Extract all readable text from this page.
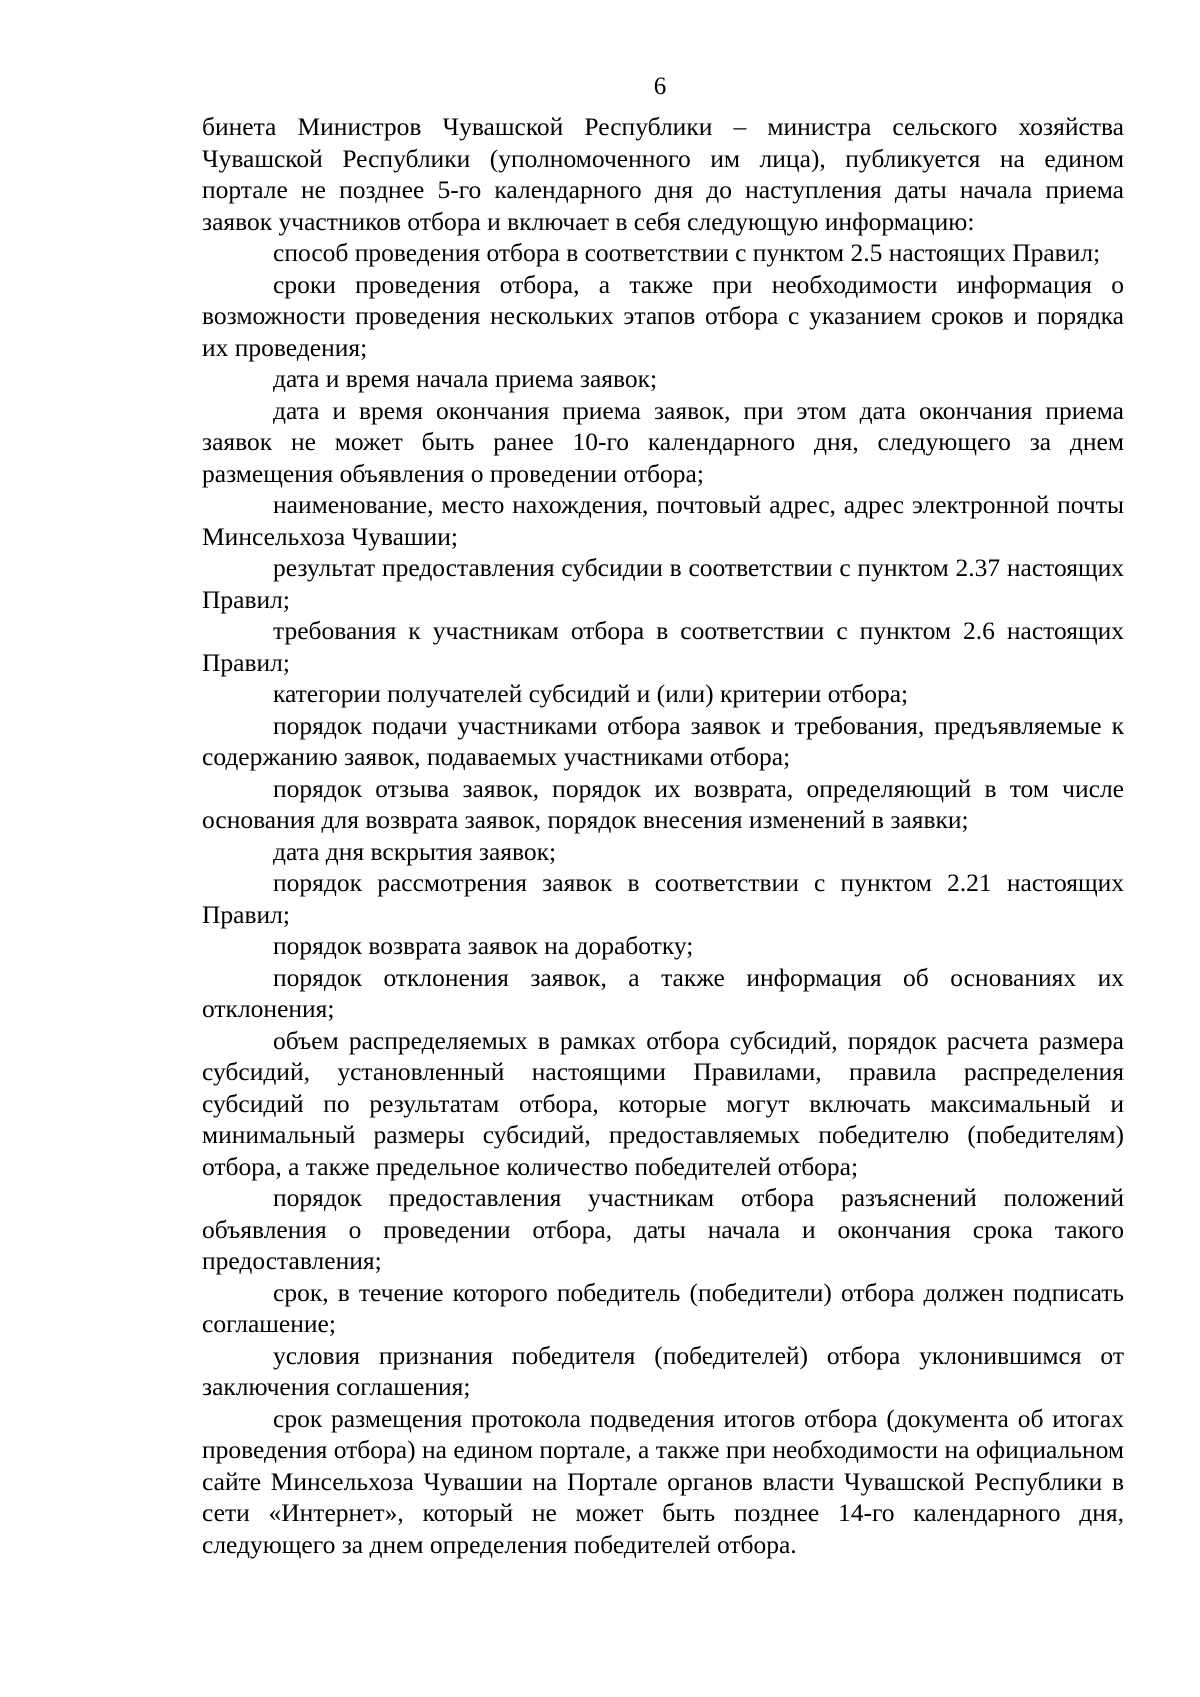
6

бинета Министров Чувашской Республики – министра сельского хозяйства Чувашской Республики (уполномоченного им лица), публикуется на едином портале не позднее 5-го календарного дня до наступления даты начала приема заявок участников отбора и включает в себя следующую информацию:

способ проведения отбора в соответствии с пунктом 2.5 настоящих Правил;

сроки проведения отбора, а также при необходимости информация о возможности проведения нескольких этапов отбора с указанием сроков и порядка их проведения;

дата и время начала приема заявок;

дата и время окончания приема заявок, при этом дата окончания приема заявок не может быть ранее 10-го календарного дня, следующего за днем размещения объявления о проведении отбора;

наименование, место нахождения, почтовый адрес, адрес электронной почты Минсельхоза Чувашии;

результат предоставления субсидии в соответствии с пунктом 2.37 настоящих Правил;

требования к участникам отбора в соответствии с пунктом 2.6 настоящих Правил;

категории получателей субсидий и (или) критерии отбора;

порядок подачи участниками отбора заявок и требования, предъявляемые к содержанию заявок, подаваемых участниками отбора;

порядок отзыва заявок, порядок их возврата, определяющий в том числе основания для возврата заявок, порядок внесения изменений в заявки;

дата дня вскрытия заявок;

порядок рассмотрения заявок в соответствии с пунктом 2.21 настоящих Правил;

порядок возврата заявок на доработку;

порядок отклонения заявок, а также информация об основаниях их отклонения;

объем распределяемых в рамках отбора субсидий, порядок расчета размера субсидий, установленный настоящими Правилами, правила распределения субсидий по результатам отбора, которые могут включать максимальный и минимальный размеры субсидий, предоставляемых победителю (победителям) отбора, а также предельное количество победителей отбора;

порядок предоставления участникам отбора разъяснений положений объявления о проведении отбора, даты начала и окончания срока такого предоставления;

срок, в течение которого победитель (победители) отбора должен подписать соглашение;

условия признания победителя (победителей) отбора уклонившимся от заключения соглашения;

срок размещения протокола подведения итогов отбора (документа об итогах проведения отбора) на едином портале, а также при необходимости на официальном сайте Минсельхоза Чувашии на Портале органов власти Чувашской Республики в сети «Интернет», который не может быть позднее 14-го календарного дня, следующего за днем определения победителей отбора.
